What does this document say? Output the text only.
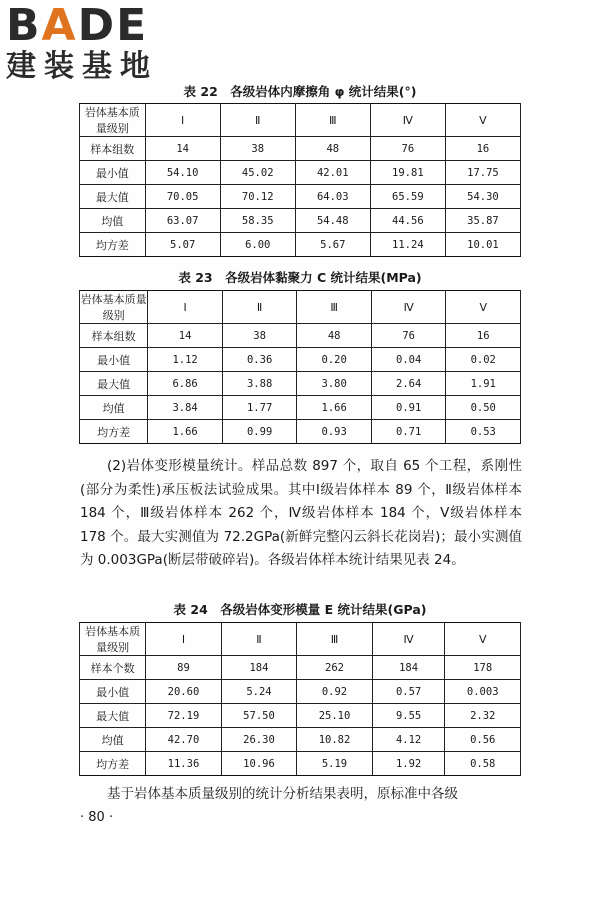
BADE
建装基地
表 22　各级岩体内摩擦角 φ 统计结果(°)
岩体基本质量级别	Ⅰ	Ⅱ	Ⅲ	Ⅳ	Ⅴ
样本组数	14	38	48	76	16
最小值	54.10	45.02	42.01	19.81	17.75
最大值	70.05	70.12	64.03	65.59	54.30
均值	63.07	58.35	54.48	44.56	35.87
均方差	5.07	6.00	5.67	11.24	10.01
表 23　各级岩体黏聚力 C 统计结果(MPa)
岩体基本质量级别	Ⅰ	Ⅱ	Ⅲ	Ⅳ	Ⅴ
样本组数	14	38	48	76	16
最小值	1.12	0.36	0.20	0.04	0.02
最大值	6.86	3.88	3.80	2.64	1.91
均值	3.84	1.77	1.66	0.91	0.50
均方差	1.66	0.99	0.93	0.71	0.53
(2)岩体变形模量统计。样品总数 897 个，取自 65 个工程，系刚性(部分为柔性)承压板法试验成果。其中Ⅰ级岩体样本 89 个，Ⅱ级岩体样本 184 个，Ⅲ级岩体样本 262 个，Ⅳ级岩体样本 184 个，Ⅴ级岩体样本 178 个。最大实测值为 72.2GPa(新鲜完整闪云斜长花岗岩)；最小实测值为 0.003GPa(断层带破碎岩)。各级岩体样本统计结果见表 24。
表 24　各级岩体变形模量 E 统计结果(GPa)
岩体基本质量级别	Ⅰ	Ⅱ	Ⅲ	Ⅳ	Ⅴ
样本个数	89	184	262	184	178
最小值	20.60	5.24	0.92	0.57	0.003
最大值	72.19	57.50	25.10	9.55	2.32
均值	42.70	26.30	10.82	4.12	0.56
均方差	11.36	10.96	5.19	1.92	0.58
基于岩体基本质量级别的统计分析结果表明，原标准中各级
· 80 ·
